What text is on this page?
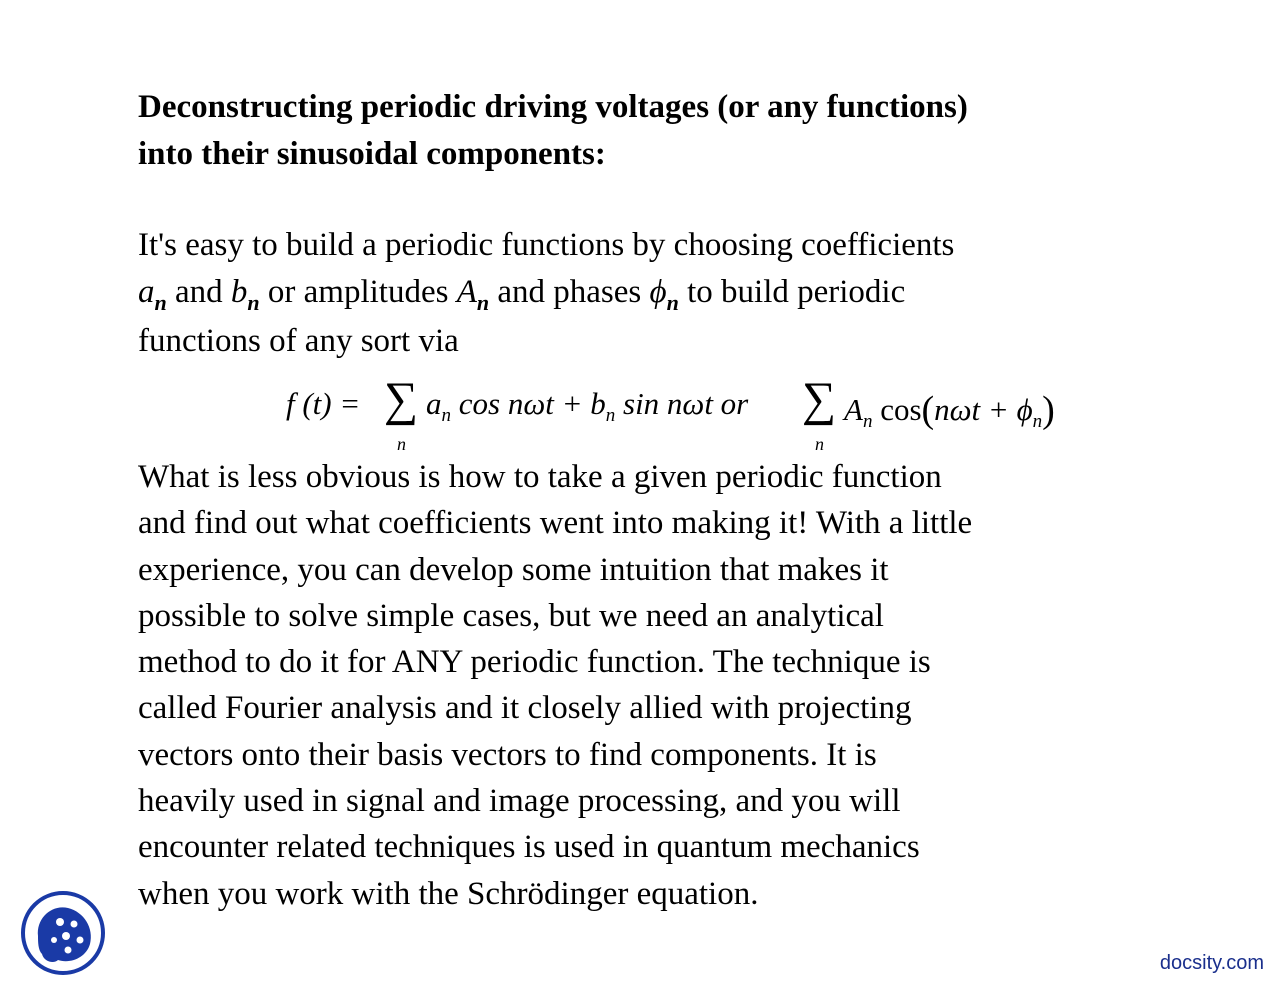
Deconstructing periodic driving voltages (or any functions)
into their sinusoidal components:
It's easy to build a periodic functions by choosing coefficients
$a_n$ and $b_n$ or amplitudes $A_n$ and phases $\phi_n$ to build periodic
functions of any sort via
f (t) = ∑
n
$a_n$ $\cos n\omega t + b_n$ sin nωt or ∑
n
$A_n$ $\cos(n\omega t + \phi_n)$
What is less obvious is how to take a given periodic function
and find out what coefficients went into making it! With a little
experience, you can develop some intuition that makes it
possible to solve simple cases, but we need an analytical
method to do it for ANY periodic function. The technique is
called Fourier analysis and it closely allied with projecting
vectors onto their basis vectors to find components. It is
heavily used in signal and image processing, and you will
encounter related techniques is used in quantum mechanics
when you work with the Schrödinger equation.
docsity.com
